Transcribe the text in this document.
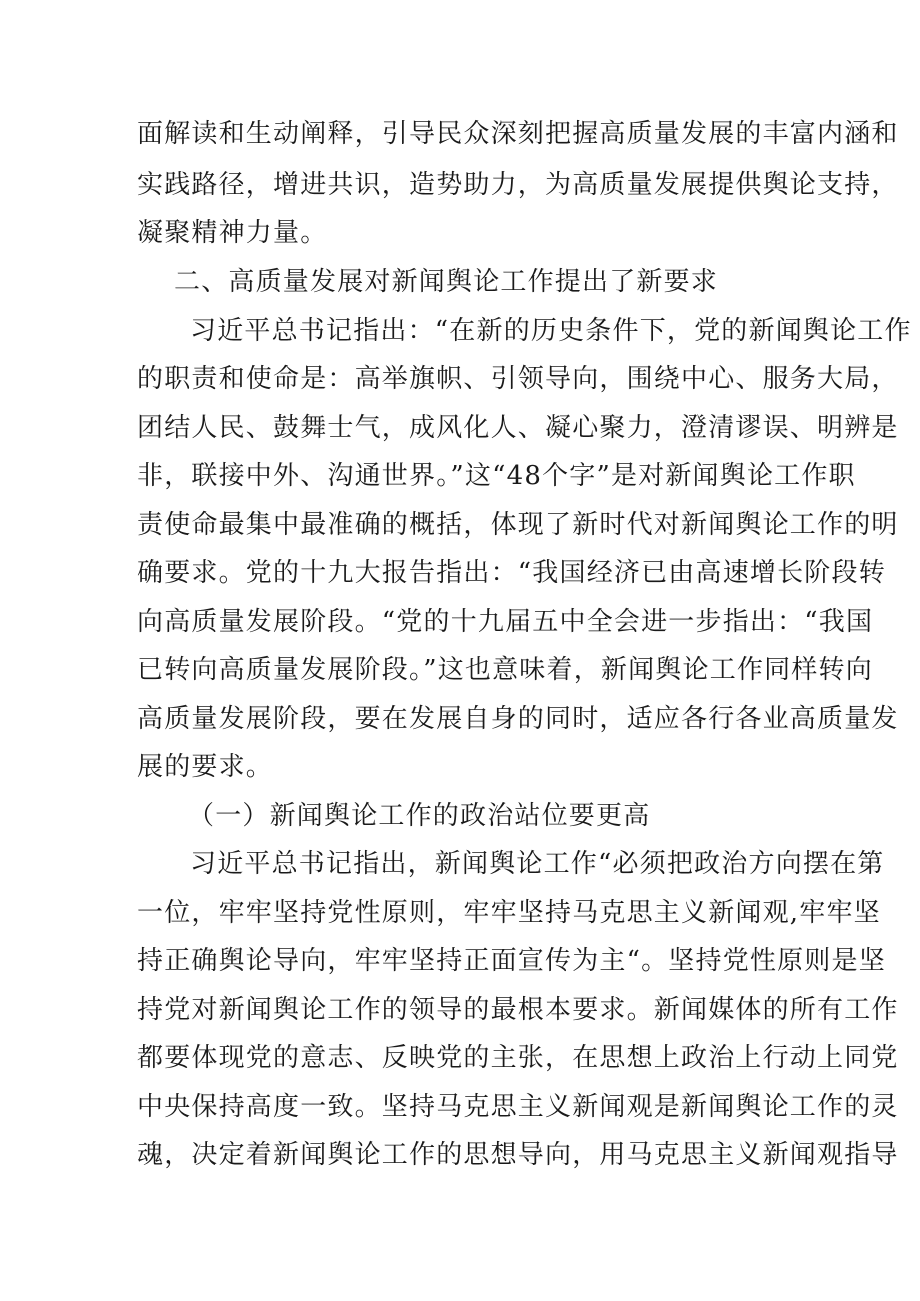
面解读和生动阐释，引导民众深刻把握高质量发展的丰富内涵和
实践路径，增进共识，造势助力，为高质量发展提供舆论支持，
凝聚精神力量。
二、高质量发展对新闻舆论工作提出了新要求
习近平总书记指出：“在新的历史条件下，党的新闻舆论工作
的职责和使命是：高举旗帜、引领导向，围绕中心、服务大局，
团结人民、鼓舞士气，成风化人、凝心聚力，澄清谬误、明辨是
非，联接中外、沟通世界。”这“48个字”是对新闻舆论工作职
责使命最集中最准确的概括，体现了新时代对新闻舆论工作的明
确要求。党的十九大报告指出：“我国经济已由高速增长阶段转
向高质量发展阶段。“党的十九届五中全会进一步指出：“我国
已转向高质量发展阶段。”这也意味着，新闻舆论工作同样转向
高质量发展阶段，要在发展自身的同时，适应各行各业高质量发
展的要求。
（一）新闻舆论工作的政治站位要更高
习近平总书记指出，新闻舆论工作“必须把政治方向摆在第
一位，牢牢坚持党性原则，牢牢坚持马克思主义新闻观,牢牢坚
持正确舆论导向，牢牢坚持正面宣传为主“。坚持党性原则是坚
持党对新闻舆论工作的领导的最根本要求。新闻媒体的所有工作
都要体现党的意志、反映党的主张，在思想上政治上行动上同党
中央保持高度一致。坚持马克思主义新闻观是新闻舆论工作的灵
魂，决定着新闻舆论工作的思想导向，用马克思主义新闻观指导
